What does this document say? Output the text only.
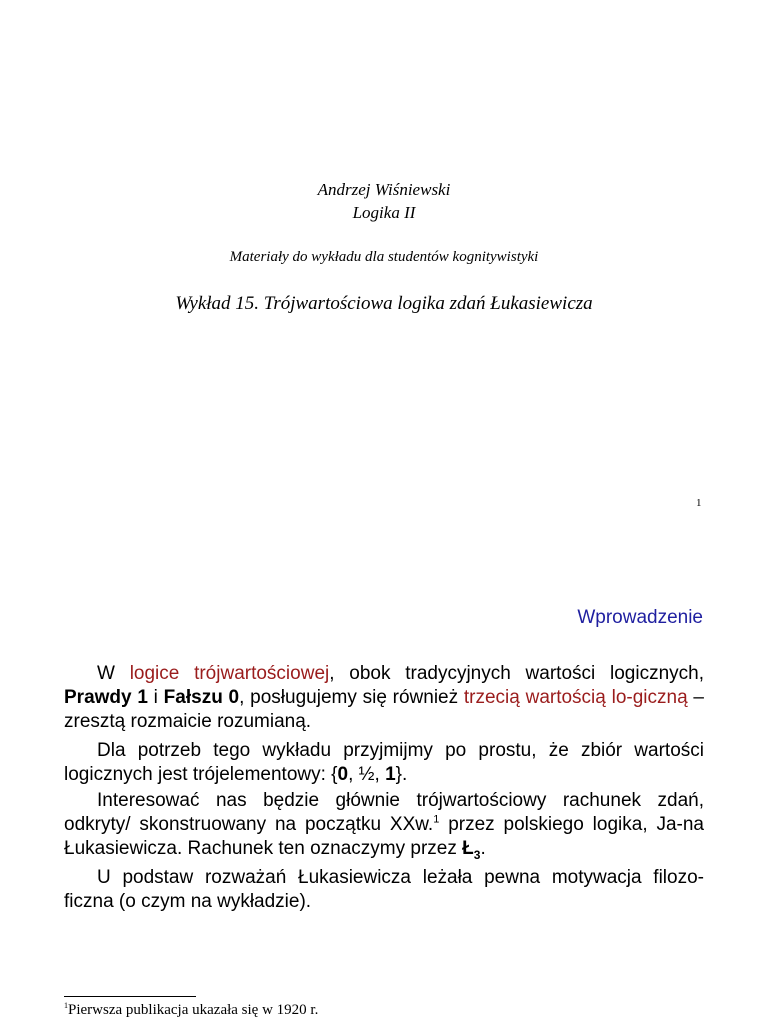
Andrzej Wiśniewski
Logika II
Materiały do wykładu dla studentów kognitywistyki
Wykład 15. Trójwartościowa logika zdań Łukasiewicza
1
Wprowadzenie

W logice trójwartościowej, obok tradycyjnych wartości logicznych, Prawdy 1 i Fałszu 0, posługujemy się również trzecią wartością lo-giczną – zresztą rozmaicie rozumianą.

Dla potrzeb tego wykładu przyjmijmy po prostu, że zbiór wartości logicznych jest trójelementowy: {0, ½, 1}.

Interesować nas będzie głównie trójwartościowy rachunek zdań, odkryty/ skonstruowany na początku XXw.$^1$ przez polskiego logika, Ja-na Łukasiewicza. Rachunek ten oznaczymy przez $Ł_3$.

U podstaw rozważań Łukasiewicza leżała pewna motywacja filozo-ficzna (o czym na wykładzie).

$^1$Pierwsza publikacja ukazała się w 1920 r.
